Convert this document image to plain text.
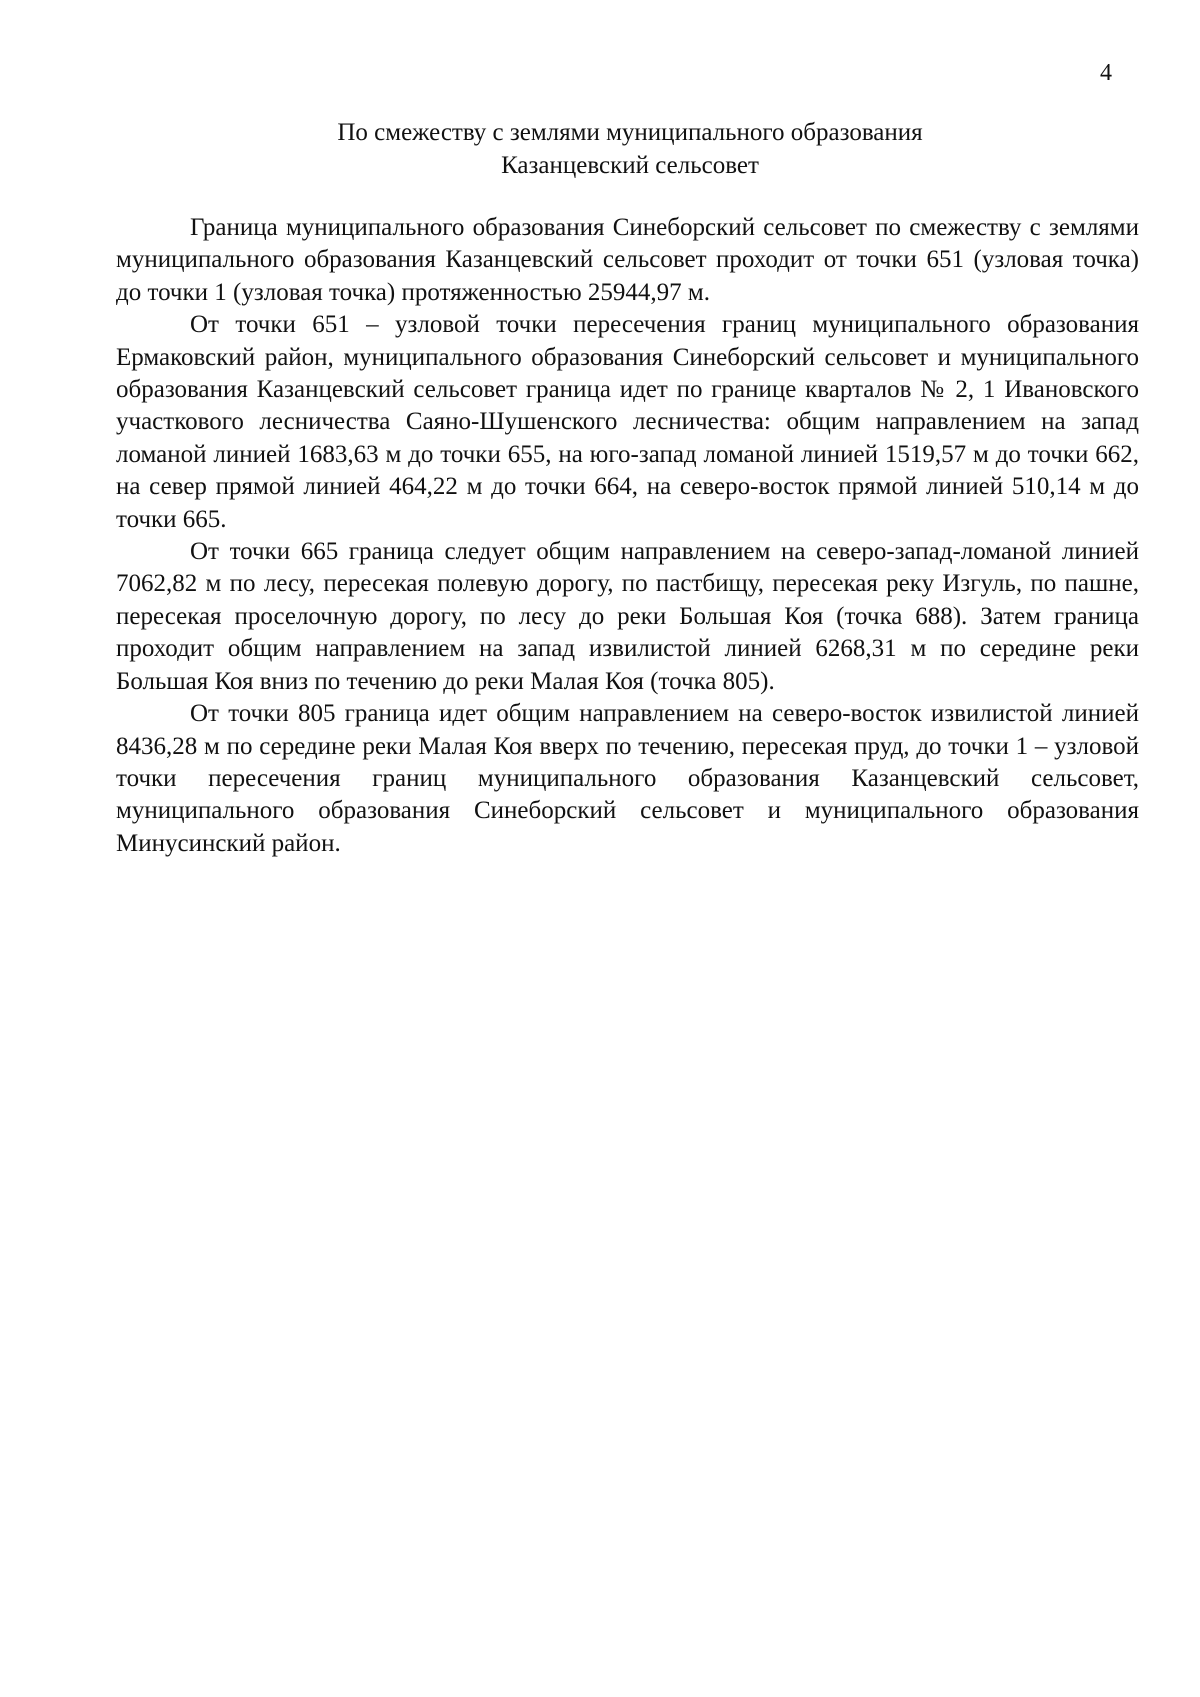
4
По смежеству с землями муниципального образования
Казанцевский сельсовет

Граница муниципального образования Синеборский сельсовет по смежеству с землями муниципального образования Казанцевский сельсовет проходит от точки 651 (узловая точка) до точки 1 (узловая точка) протяженностью 25944,97 м.

От точки 651 – узловой точки пересечения границ муниципального образования Ермаковский район, муниципального образования Синеборский сельсовет и муниципального образования Казанцевский сельсовет граница идет по границе кварталов № 2, 1 Ивановского участкового лесничества Саяно-Шушенского лесничества: общим направлением на запад ломаной линией 1683,63 м до точки 655, на юго-запад ломаной линией 1519,57 м до точки 662, на север прямой линией 464,22 м до точки 664, на северо-восток прямой линией 510,14 м до точки 665.

От точки 665 граница следует общим направлением на северо-запад-ломаной линией 7062,82 м по лесу, пересекая полевую дорогу, по пастбищу, пересекая реку Изгуль, по пашне, пересекая проселочную дорогу, по лесу до реки Большая Коя (точка 688). Затем граница проходит общим направлением на запад извилистой линией 6268,31 м по середине реки Большая Коя вниз по течению до реки Малая Коя (точка 805).

От точки 805 граница идет общим направлением на северо-восток извилистой линией 8436,28 м по середине реки Малая Коя вверх по течению, пересекая пруд, до точки 1 – узловой точки пересечения границ муниципального образования Казанцевский сельсовет, муниципального образования Синеборский сельсовет и муниципального образования Минусинский район.
